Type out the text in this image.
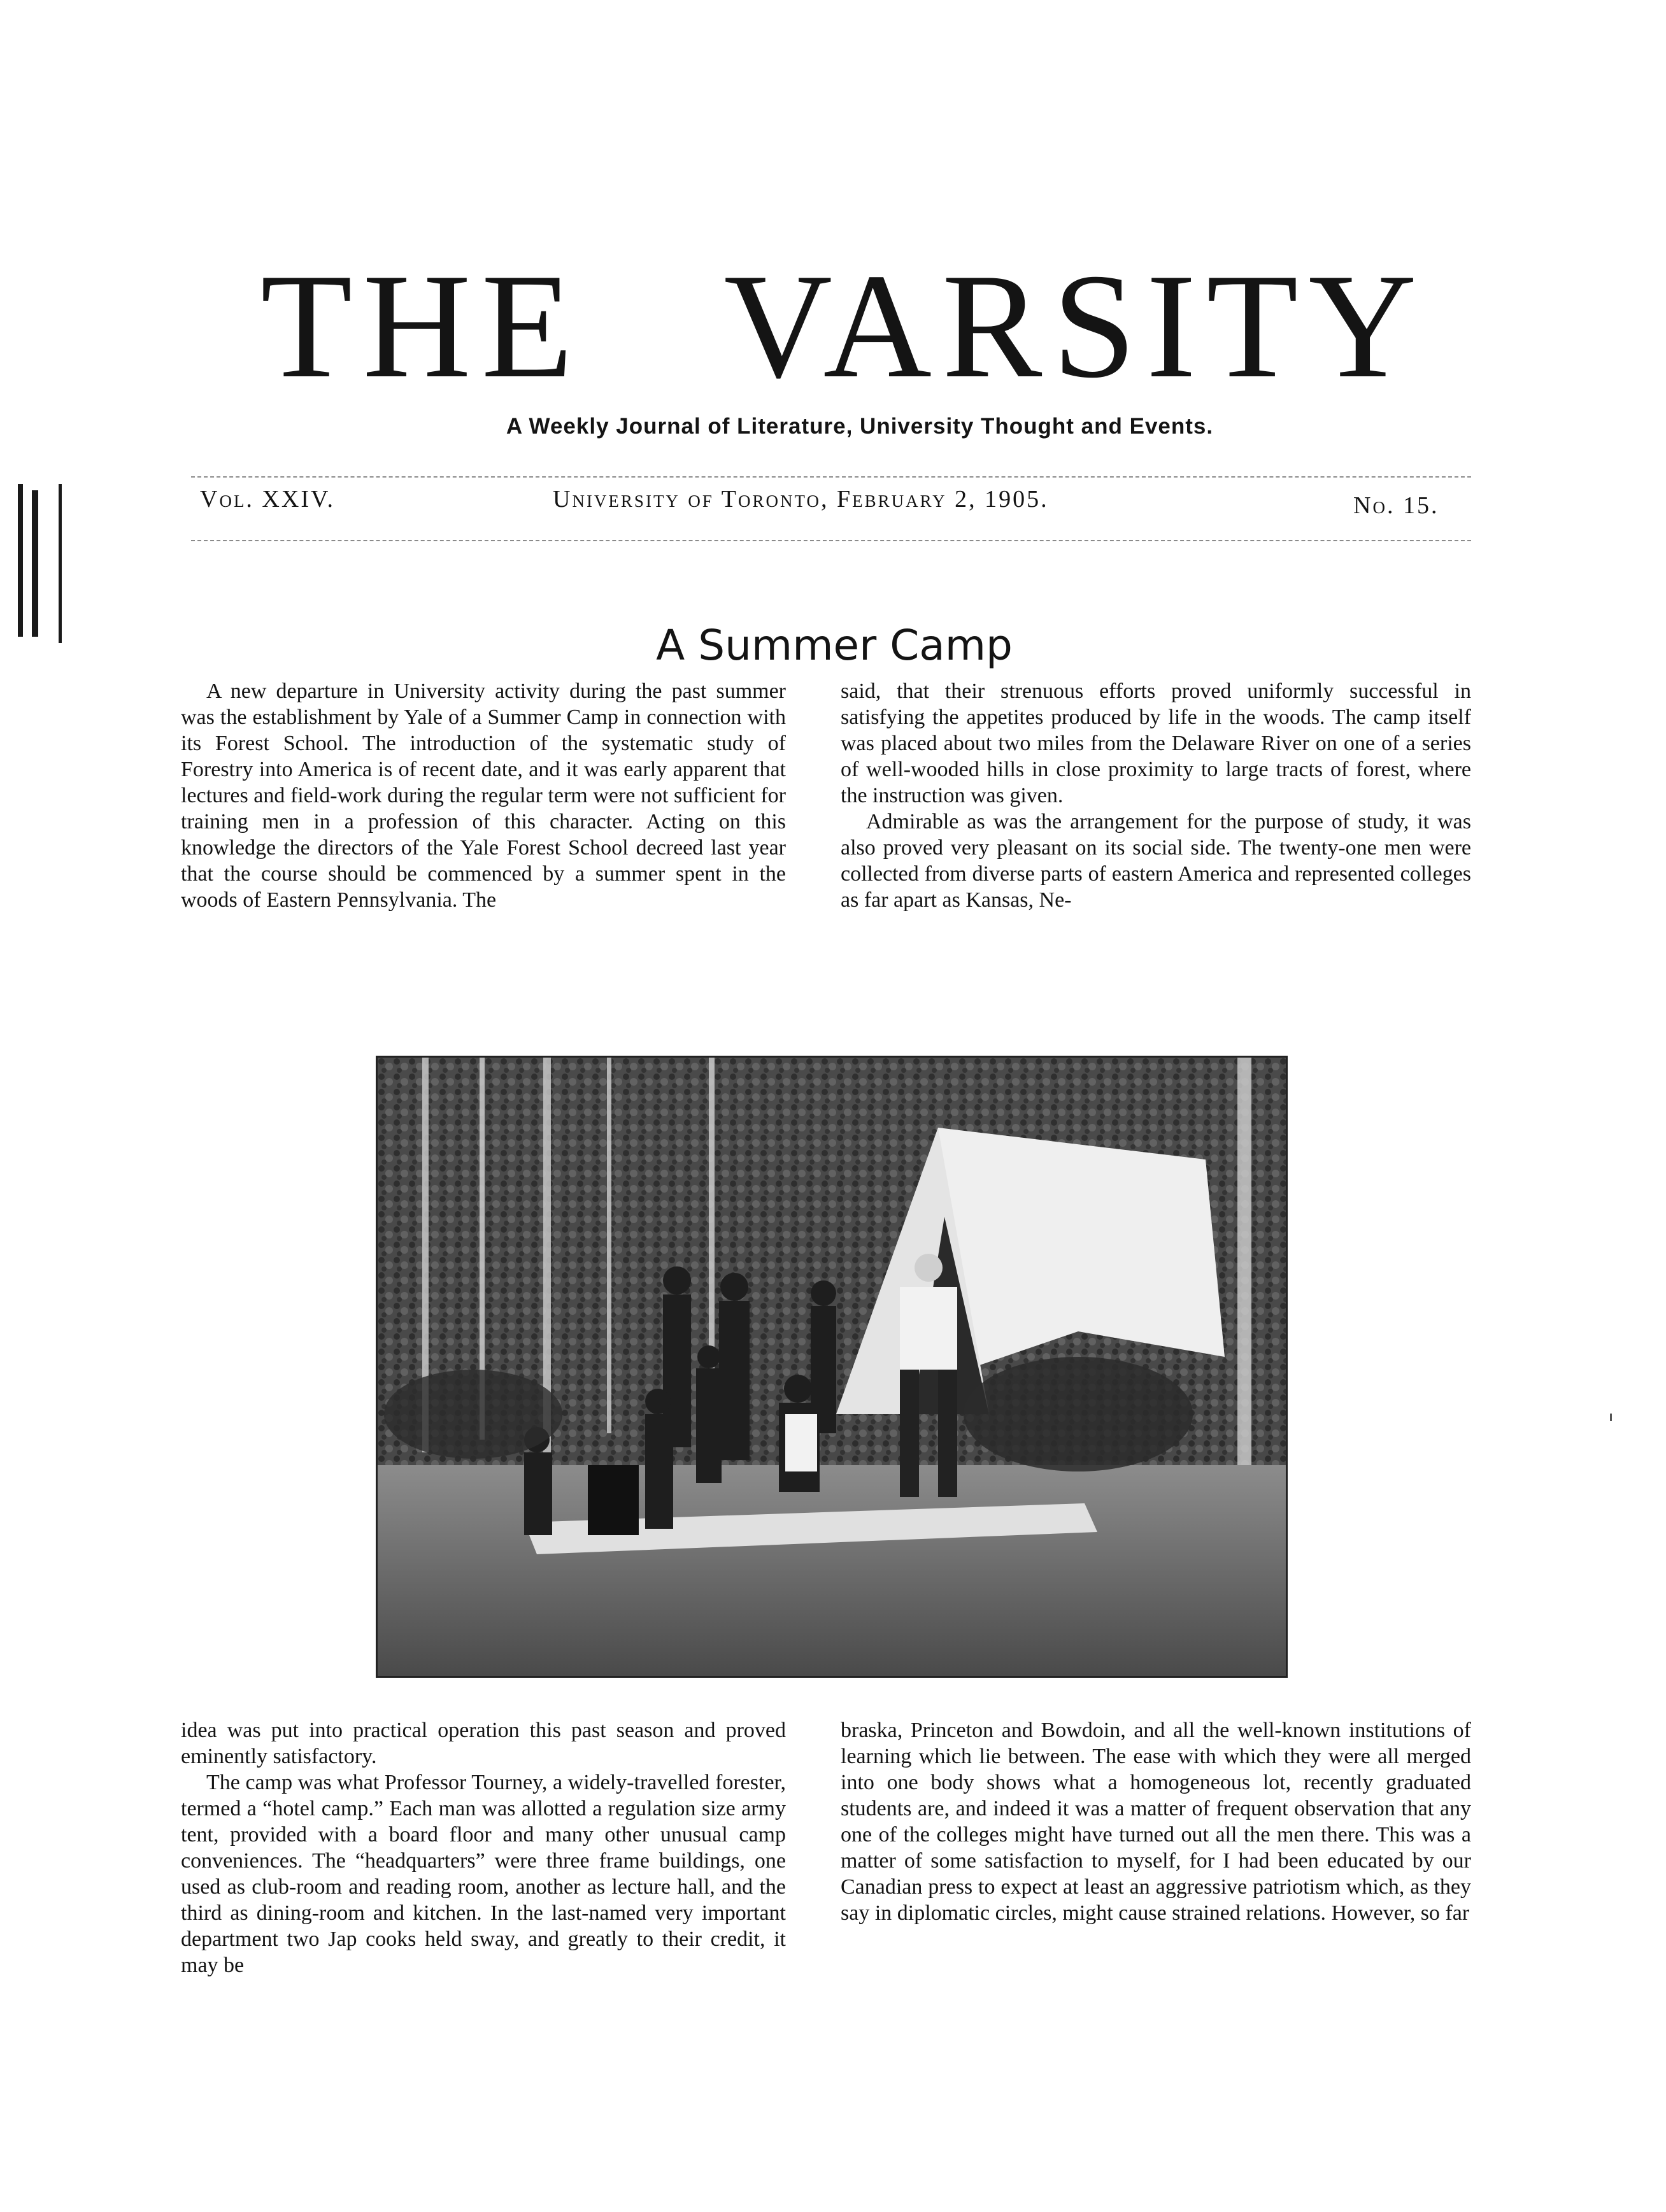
THE VARSITY
A Weekly Journal of Literature, University Thought and Events.
Vol. XXIV.	University of Toronto, February 2, 1905.	No. 15.
A Summer Camp

A new departure in University activity during the past summer was the establishment by Yale of a Summer Camp in connection with its Forest School. The introduction of the systematic study of Forestry into America is of recent date, and it was early apparent that lectures and field-work during the regular term were not sufficient for training men in a profession of this character. Acting on this knowledge the directors of the Yale Forest School decreed last year that the course should be commenced by a summer spent in the woods of Eastern Pennsylvania. The

said, that their strenuous efforts proved uniformly successful in satisfying the appetites produced by life in the woods. The camp itself was placed about two miles from the Delaware River on one of a series of well-wooded hills in close proximity to large tracts of forest, where the instruction was given.

Admirable as was the arrangement for the purpose of study, it was also proved very pleasant on its social side. The twenty-one men were collected from diverse parts of eastern America and represented colleges as far apart as Kansas, Ne-

idea was put into practical operation this past season and proved eminently satisfactory.

The camp was what Professor Tourney, a widely-travelled forester, termed a “hotel camp.” Each man was allotted a regulation size army tent, provided with a board floor and many other unusual camp conveniences. The “headquarters” were three frame buildings, one used as club-room and reading room, another as lecture hall, and the third as dining-room and kitchen. In the last-named very important department two Jap cooks held sway, and greatly to their credit, it may be

braska, Princeton and Bowdoin, and all the well-known institutions of learning which lie between. The ease with which they were all merged into one body shows what a homogeneous lot, recently graduated students are, and indeed it was a matter of frequent observation that any one of the colleges might have turned out all the men there. This was a matter of some satisfaction to myself, for I had been educated by our Canadian press to expect at least an aggressive patriotism which, as they say in diplomatic circles, might cause strained relations. However, so far
